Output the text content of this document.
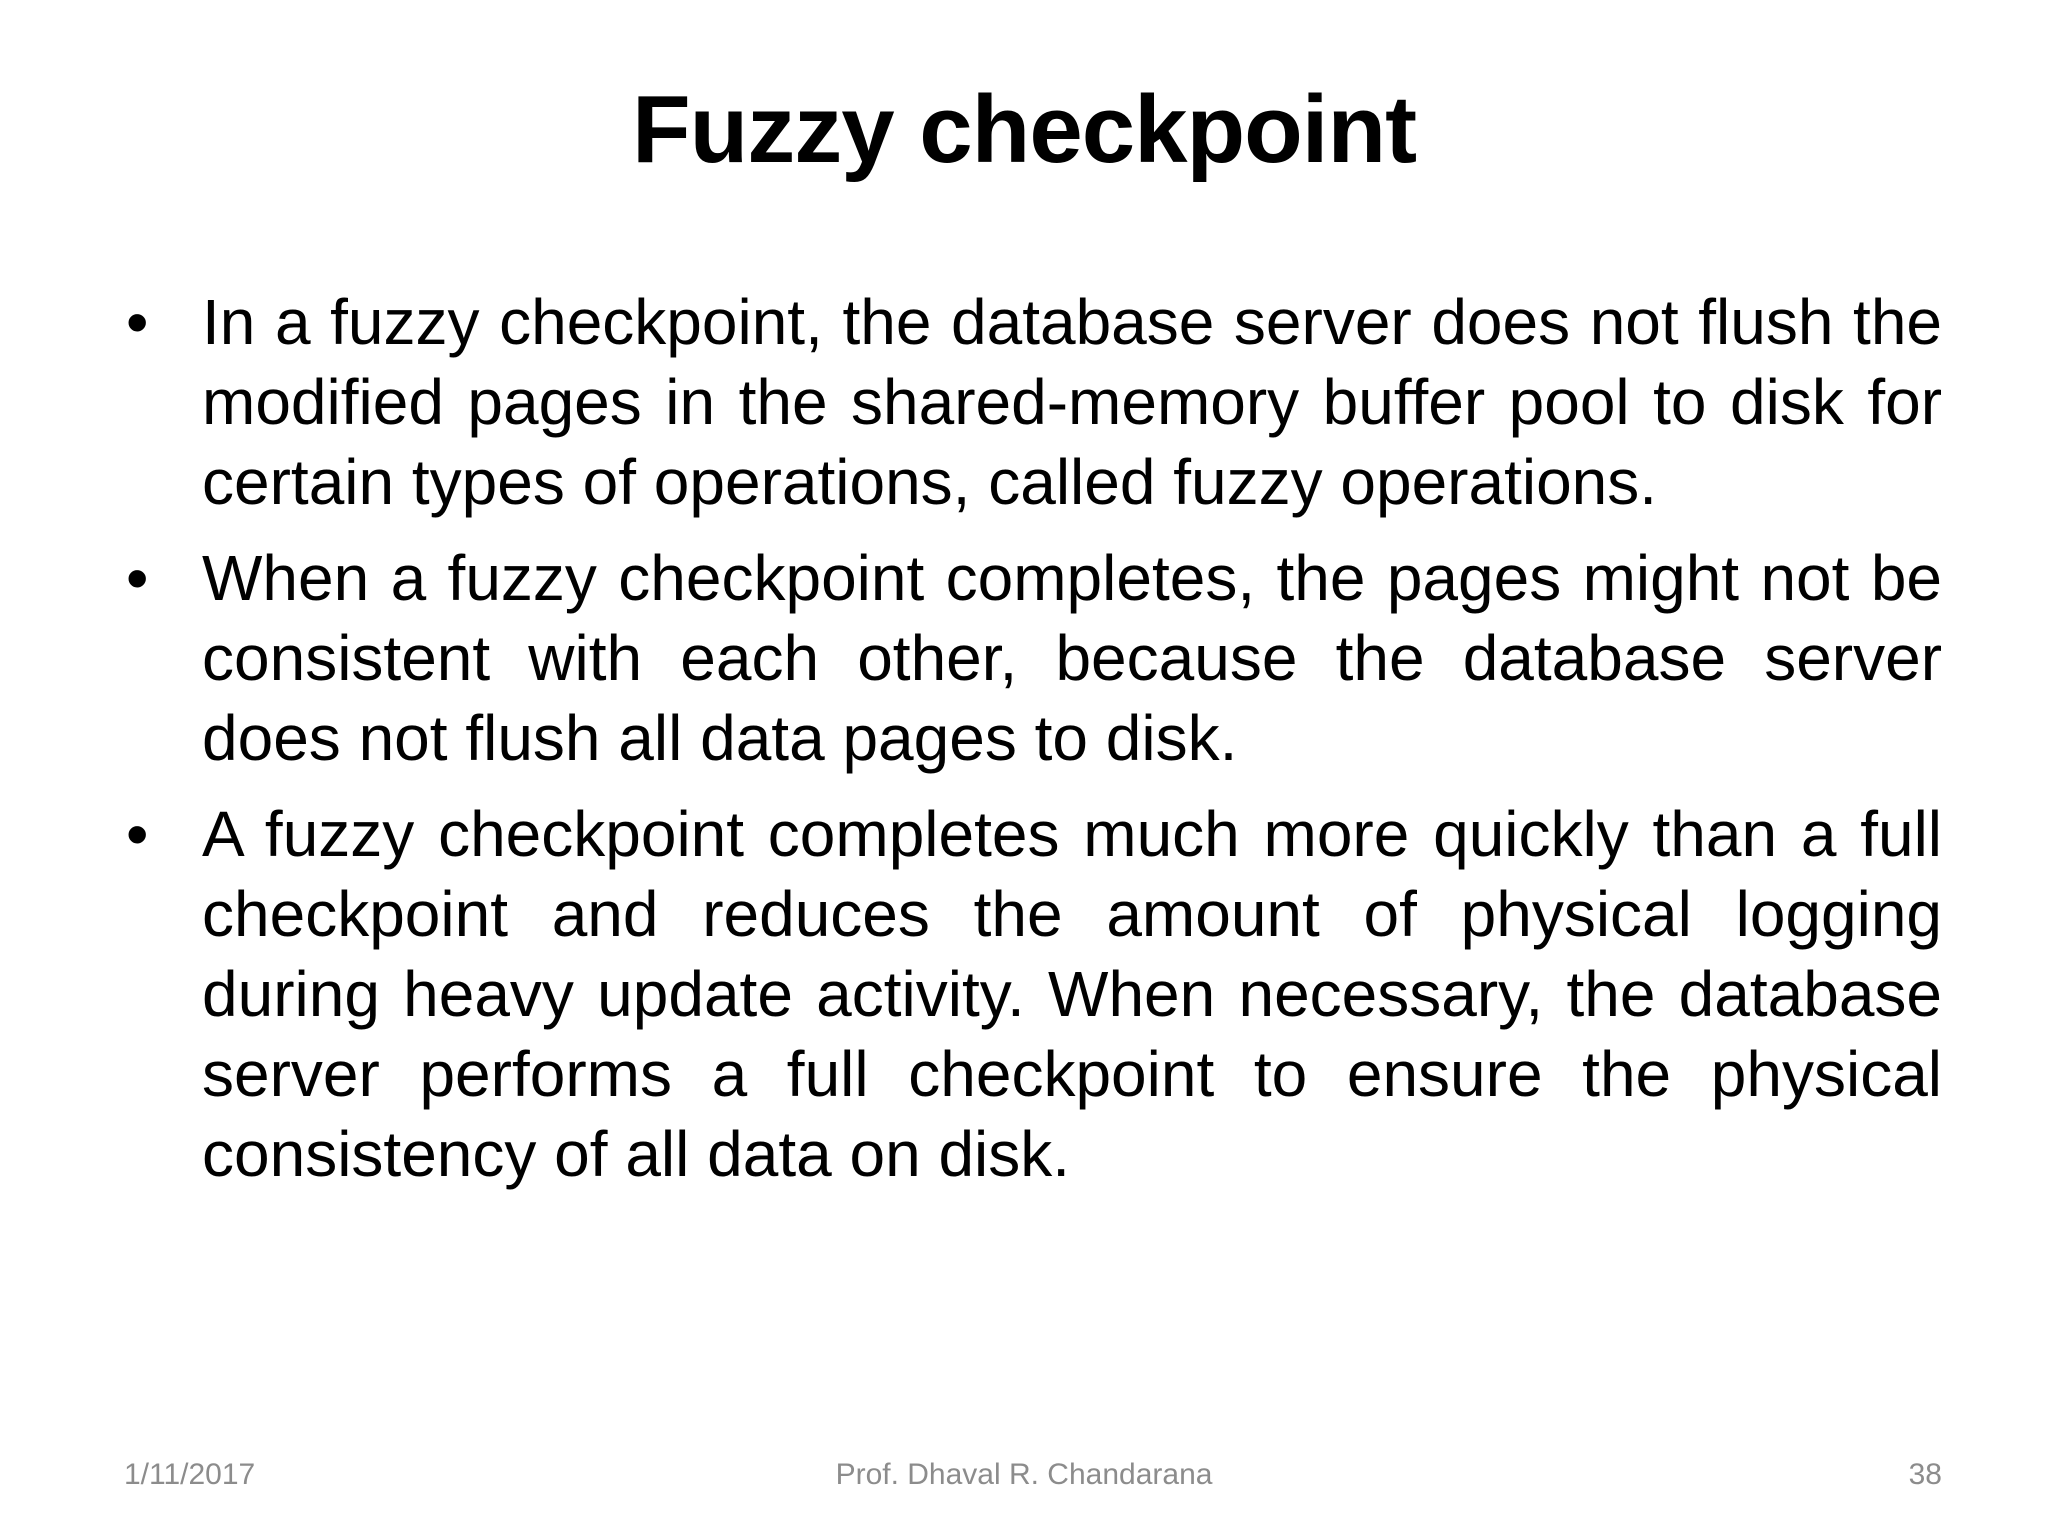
Fuzzy checkpoint
• In a fuzzy checkpoint, the database server does not flush the modified pages in the shared-memory buffer pool to disk for certain types of operations, called fuzzy operations.
• When a fuzzy checkpoint completes, the pages might not be consistent with each other, because the database server does not flush all data pages to disk.
• A fuzzy checkpoint completes much more quickly than a full checkpoint and reduces the amount of physical logging during heavy update activity. When necessary, the database server performs a full checkpoint to ensure the physical consistency of all data on disk.
1/11/2017	Prof. Dhaval R. Chandarana	38
